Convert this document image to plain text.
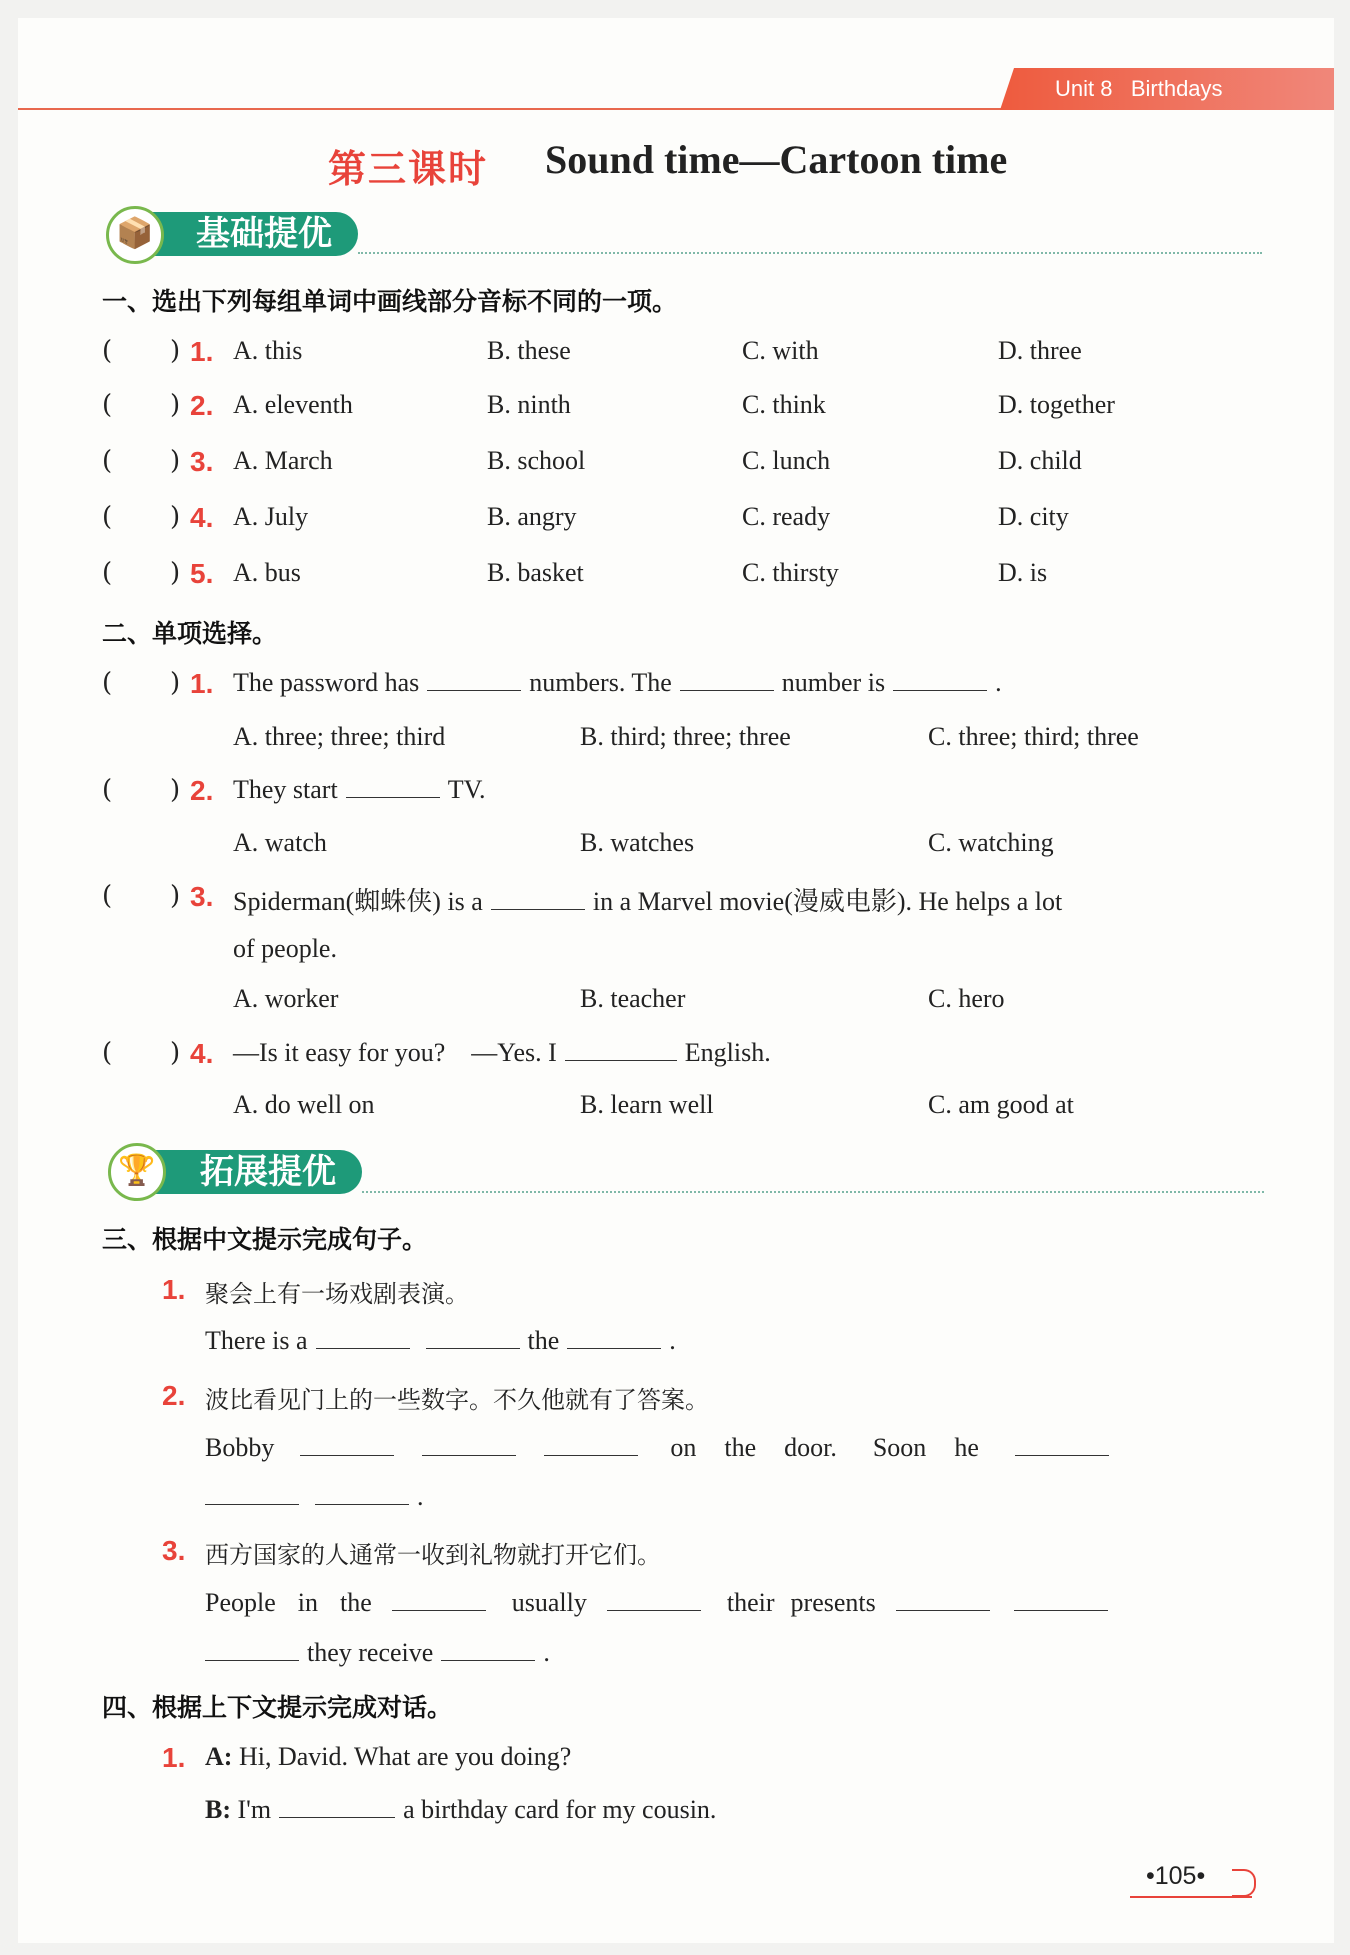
Unit 8 Birthdays
第三课时 Sound time—Cartoon time
基础提优
📦
一、选出下列每组单词中画线部分音标不同的一项。
(       ) 1. A. this	B. these	C. with	D. three
(       ) 2. A. eleventh	B. ninth	C. think	D. together
(       ) 3. A. March	B. school	C. lunch	D. child
(       ) 4. A. July	B. angry	C. ready	D. city
(       ) 5. A. bus	B. basket	C. thirsty	D. is
二、单项选择。
(       ) 1. The password has	numbers. The	number is	.
A. three; three; third	B. third; three; three	C. three; third; three
(       ) 2. They start	TV.
A. watch	B. watches	C. watching
(       ) 3. Spiderman(蜘蛛侠) is a	in a Marvel movie(漫威电影). He helps a lot
of people.
A. worker	B. teacher	C. hero
(       ) 4. —Is it easy for you? —Yes. I	English.
A. do well on	B. learn well	C. am good at
拓展提优
🏆
三、根据中文提示完成句子。
1. 聚会上有一场戏剧表演。
There is a	the	.
2. 波比看见门上的一些数字。不久他就有了答案。
Bobby	on the door. Soon he
.
3. 西方国家的人通常一收到礼物就打开它们。
People in the	usually	their presents
they receive	.
四、根据上下文提示完成对话。
1. A: Hi, David. What are you doing?
B: I'm	a birthday card for my cousin.
•105•
